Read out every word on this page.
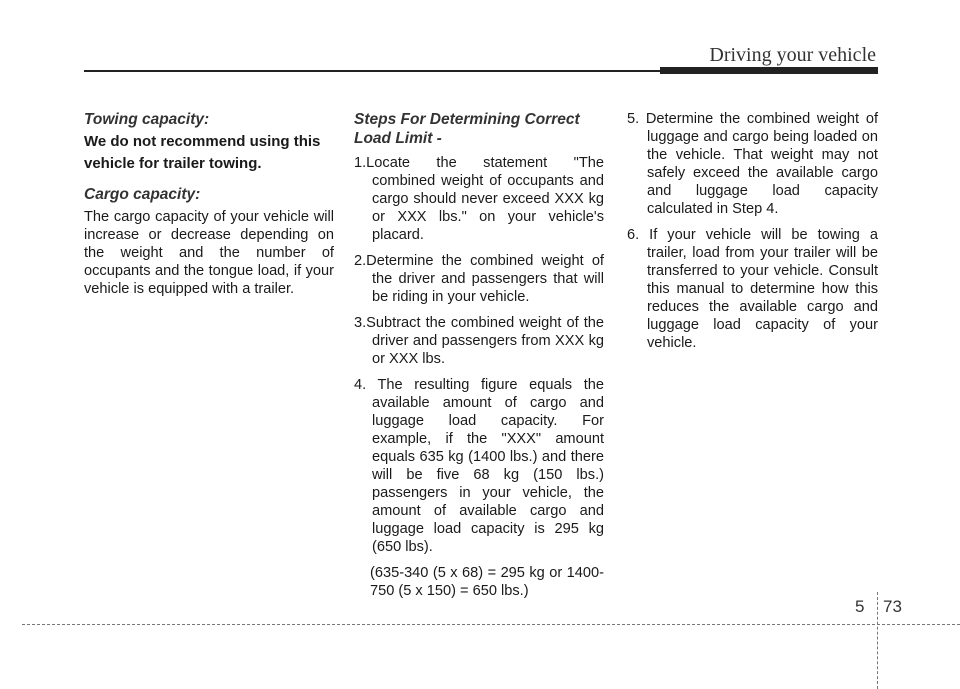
Driving your vehicle

Towing capacity:

We do not recommend using this vehicle for trailer towing.

Cargo capacity:

The cargo capacity of your vehicle will increase or decrease depending on the weight and the number of occupants and the tongue load, if your vehicle is equipped with a trailer.

Steps For Determining Correct Load Limit -

1.Locate the statement "The combined weight of occupants and cargo should never exceed XXX kg or XXX lbs." on your vehicle's placard.
2.Determine the combined weight of the driver and passengers that will be riding in your vehicle.
3.Subtract the combined weight of the driver and passengers from XXX kg or XXX lbs.
4. The resulting figure equals the available amount of cargo and luggage load capacity. For example, if the "XXX" amount equals 635 kg (1400 lbs.) and there will be five 68 kg (150 lbs.) passengers in your vehicle, the amount of available cargo and luggage load capacity is 295 kg (650 lbs).

(635-340 (5 x 68) = 295 kg or 1400-750 (5 x 150) = 650 lbs.)

5. Determine the combined weight of luggage and cargo being loaded on the vehicle. That weight may not safely exceed the available cargo and luggage load capacity calculated in Step 4.
6. If your vehicle will be towing a trailer, load from your trailer will be transferred to your vehicle. Consult this manual to determine how this reduces the available cargo and luggage load capacity of your vehicle.
5 73
